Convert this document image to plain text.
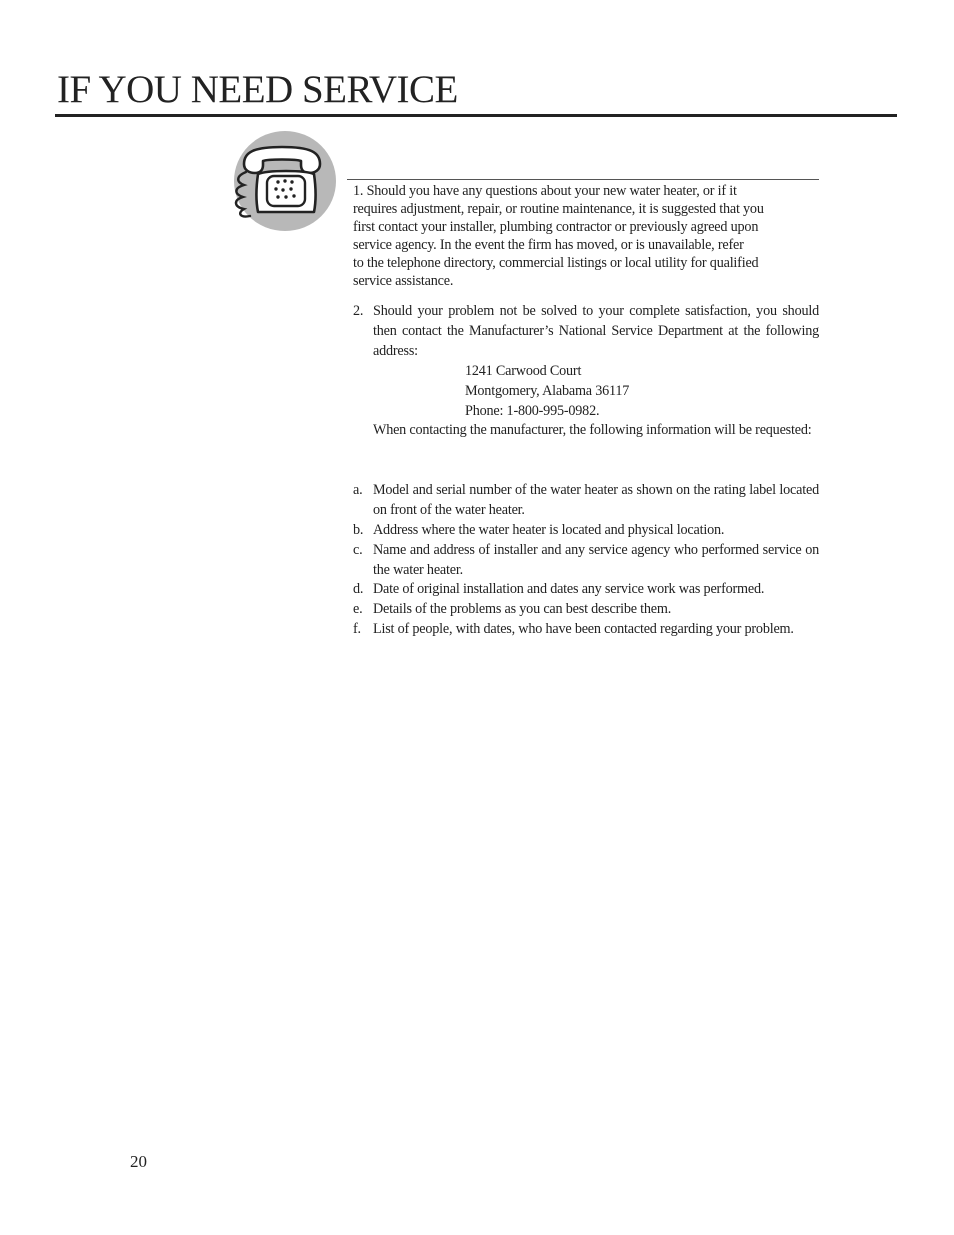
IF YOU NEED SERVICE

1. Should you have any questions about your new water heater, or if it
requires adjustment, repair, or routine maintenance, it is suggested that you
first contact your installer, plumbing contractor or previously agreed upon
service agency. In the event the firm has moved, or is unavailable, refer
to the telephone directory, commercial listings or local utility for qualified
service assistance.

2. Should your problem not be solved to your complete satisfaction, you should then contact the Manufacturer’s National Service Department at the following address:
1241 Carwood Court
Montgomery, Alabama 36117
Phone: 1-800-995-0982.
When contacting the manufacturer, the following information will be requested:
a. Model and serial number of the water heater as shown on the rating label located on front of the water heater.
b. Address where the water heater is located and physical location.
c. Name and address of installer and any service agency who performed service on the water heater.
d. Date of original installation and dates any service work was performed.
e. Details of the problems as you can best describe them.
f. List of people, with dates, who have been contacted regarding your problem.
20
